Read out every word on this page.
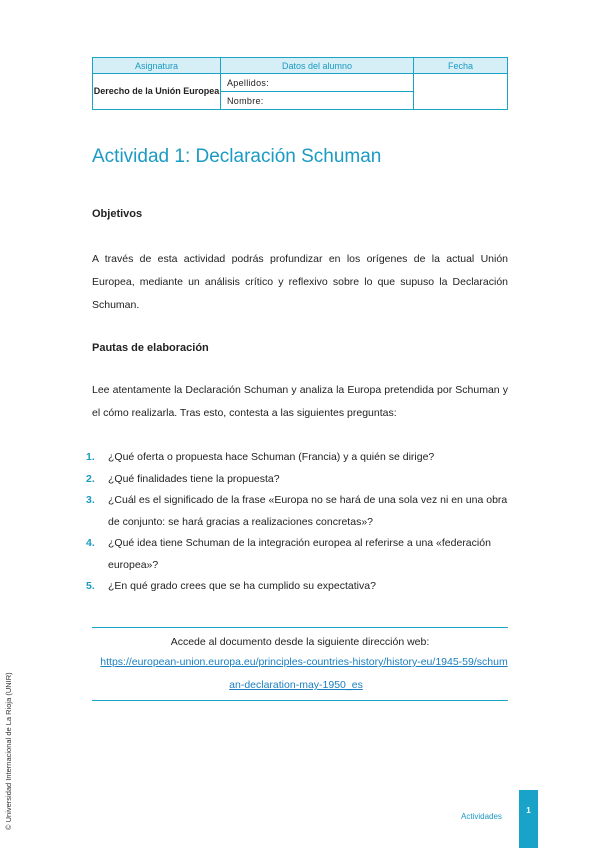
Asignatura	Datos del alumno	Fecha
Derecho de la Unión Europea	Apellidos:	
	Nombre:	
Actividad 1: Declaración Schuman
Objetivos

A través de esta actividad podrás profundizar en los orígenes de la actual Unión Europea, mediante un análisis crítico y reflexivo sobre lo que supuso la Declaración Schuman.

Pautas de elaboración

Lee atentamente la Declaración Schuman y analiza la Europa pretendida por Schuman y el cómo realizarla. Tras esto, contesta a las siguientes preguntas:

1. ¿Qué oferta o propuesta hace Schuman (Francia) y a quién se dirige?
2. ¿Qué finalidades tiene la propuesta?
3. ¿Cuál es el significado de la frase «Europa no se hará de una sola vez ni en una obra de conjunto: se hará gracias a realizaciones concretas»?
4. ¿Qué idea tiene Schuman de la integración europea al referirse a una «federación europea»?
5. ¿En qué grado crees que se ha cumplido su expectativa?
Accede al documento desde la siguiente dirección web:
https://european-union.europa.eu/principles-countries-history/history-eu/1945-59/schuman-declaration-may-1950_es
© Universidad Internacional de La Rioja (UNIR)	Actividades
1
